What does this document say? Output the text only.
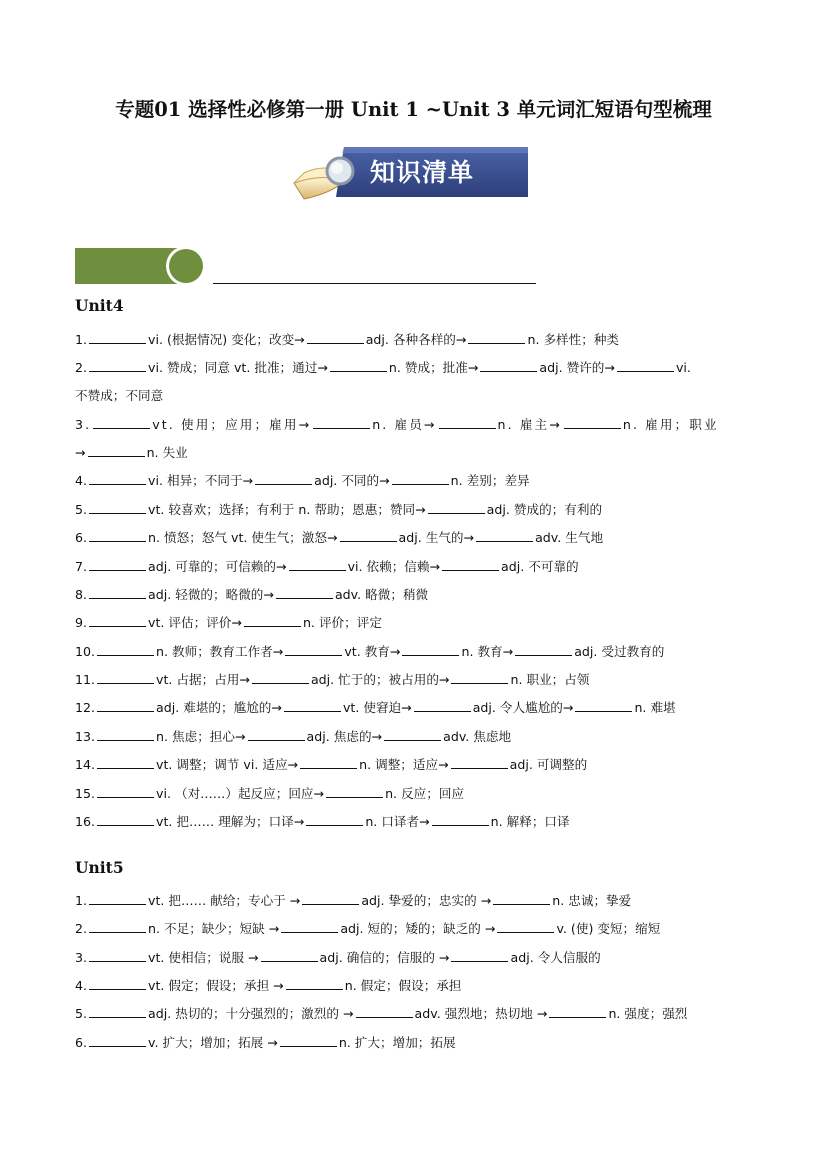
专题01 选择性必修第一册 Unit 1 ~Unit 3 单元词汇短语句型梳理
知识清单
Unit4
1.	vi. (根据情况) 变化；改变→	adj. 各种各样的→	n. 多样性；种类
2.	vi. 赞成；同意 vt. 批准；通过→	n. 赞成；批准→	adj. 赞许的→	vi.
不赞成；不同意
3.	vt. 使用；应用；雇用→	n. 雇员→	n. 雇主→	n. 雇用；职业
→	n. 失业
4.	vi. 相异；不同于→	adj. 不同的→	n. 差别；差异
5.	vt. 较喜欢；选择；有利于 n. 帮助；恩惠；赞同→	adj. 赞成的；有利的
6.	n. 愤怒；怒气 vt. 使生气；激怒→	adj. 生气的→	adv. 生气地
7.	adj. 可靠的；可信赖的→	vi. 依赖；信赖→	adj. 不可靠的
8.	adj. 轻微的；略微的→	adv. 略微；稍微
9.	vt. 评估；评价→	n. 评价；评定
10.	n. 教师；教育工作者→	vt. 教育→	n. 教育→	adj. 受过教育的
11.	vt. 占据；占用→	adj. 忙于的；被占用的→	n. 职业；占领
12.	adj. 难堪的；尴尬的→	vt. 使窘迫→	adj. 令人尴尬的→	n. 难堪
13.	n. 焦虑；担心→	adj. 焦虑的→	adv. 焦虑地
14.	vt. 调整；调节 vi. 适应→	n. 调整；适应→	adj. 可调整的
15.	vi. （对……）起反应；回应→	n. 反应；回应
16.	vt. 把…… 理解为；口译→	n. 口译者→	n. 解释；口译
Unit5
1.	vt. 把…… 献给；专心于 →	adj. 挚爱的；忠实的 →	n. 忠诚；挚爱
2.	n. 不足；缺少；短缺 →	adj. 短的；矮的；缺乏的 →	v. (使) 变短；缩短
3.	vt. 使相信；说服 →	adj. 确信的；信服的 →	adj. 令人信服的
4.	vt. 假定；假设；承担 →	n. 假定；假设；承担
5.	adj. 热切的；十分强烈的；激烈的 →	adv. 强烈地；热切地 →	n. 强度；强烈
6.	v. 扩大；增加；拓展 →	n. 扩大；增加；拓展
